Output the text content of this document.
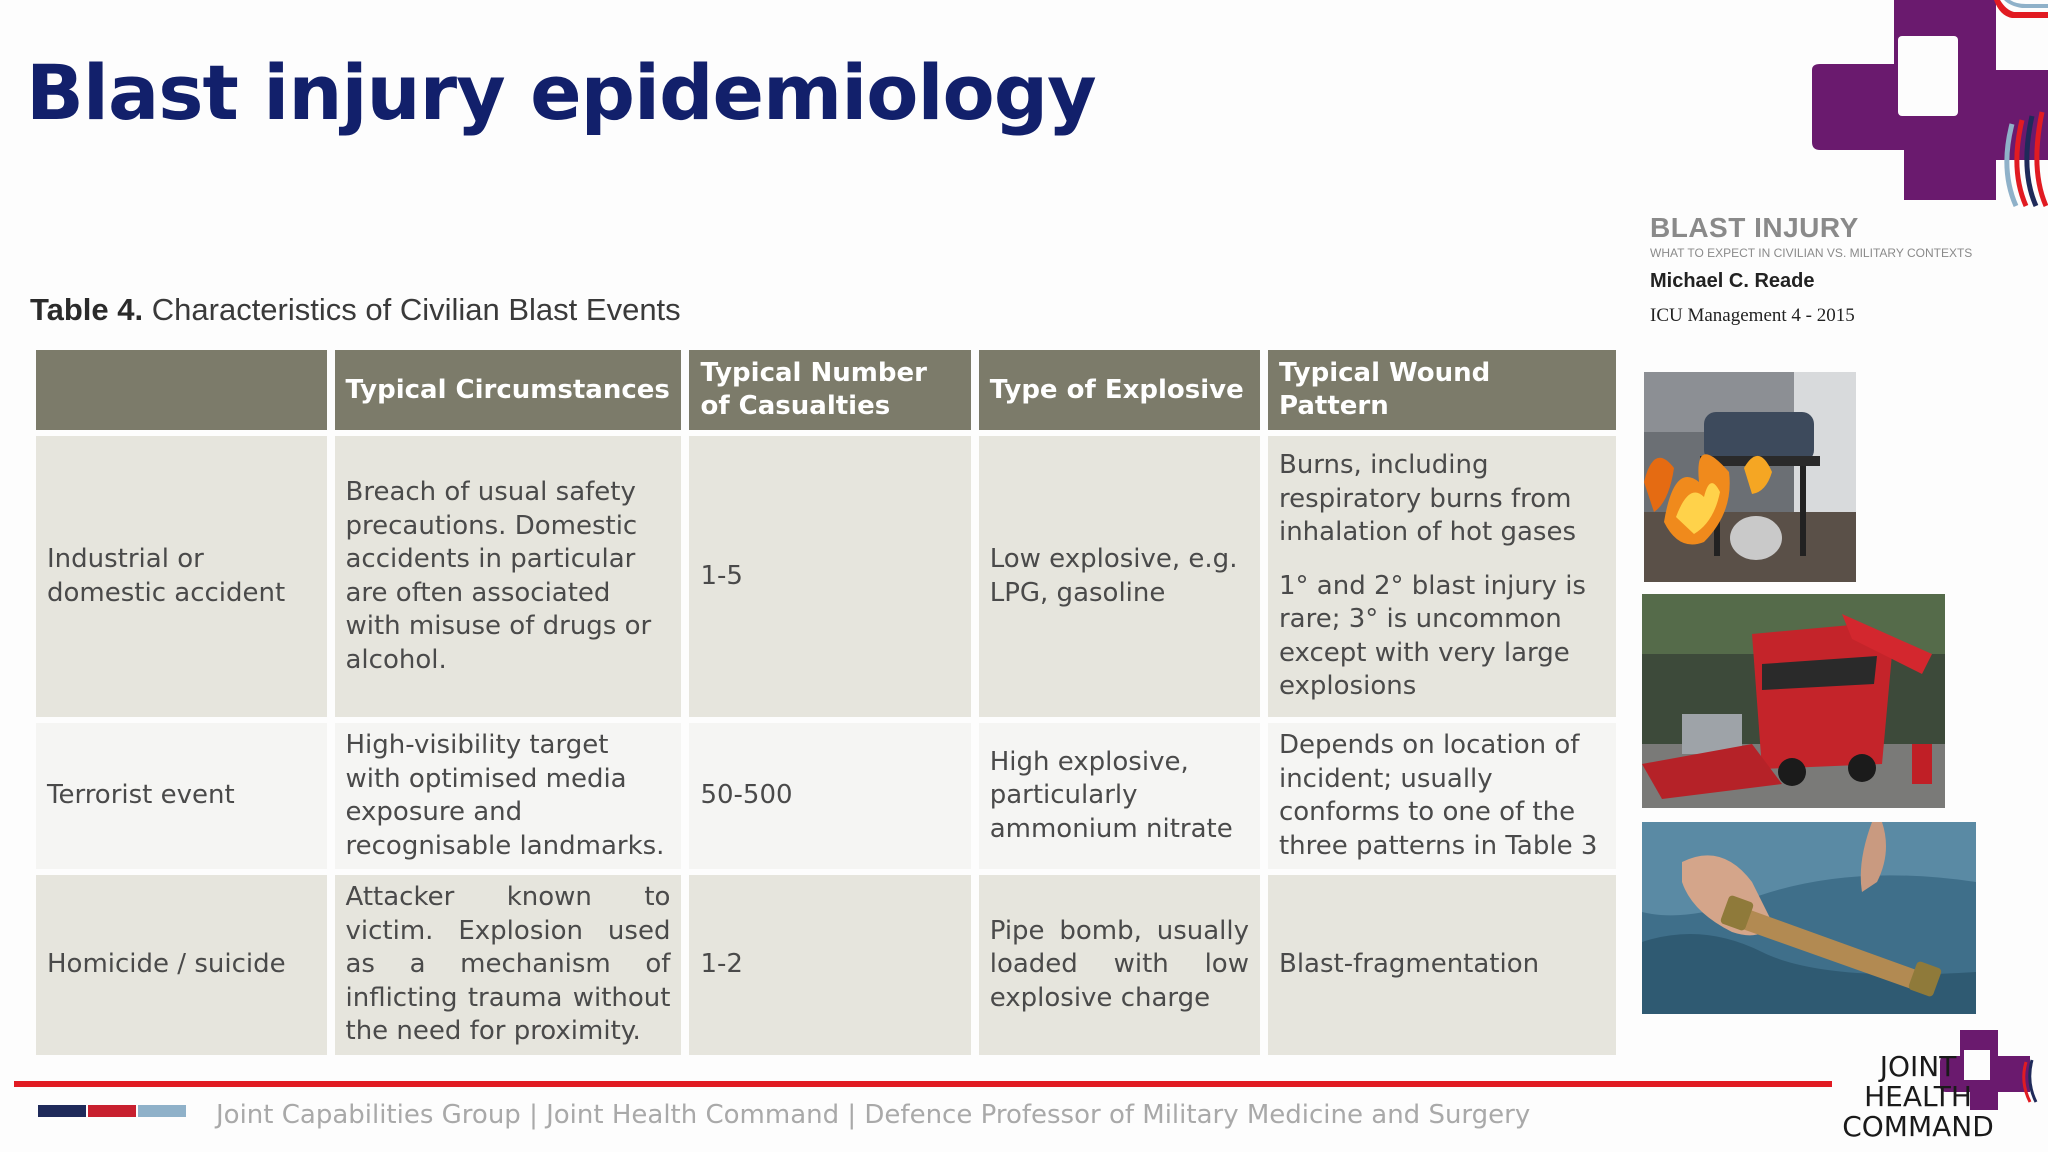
Blast injury epidemiology
BLAST INJURY
WHAT TO EXPECT IN CIVILIAN VS. MILITARY CONTEXTS
Michael C. Reade
ICU Management 4 - 2015
Table 4. Characteristics of Civilian Blast Events
	Typical Circumstances	Typical Number of Casualties	Type of Explosive	Typical Wound Pattern
Industrial or domestic accident	Breach of usual safety precautions. Domestic accidents in particular are often associated with misuse of drugs or alcohol.	1-5	Low explosive, e.g. LPG, gasoline	Burns, including respiratory burns from inhalation of hot gases
1° and 2° blast injury is rare; 3° is uncommon except with very large explosions

Terrorist event	High-visibility target with optimised media exposure and recognisable landmarks.	50-500	High explosive, particularly ammonium nitrate	Depends on location of incident; usually conforms to one of the three patterns in Table 3
Homicide / suicide	Attacker known to victim. Explosion used as a mechanism of inflicting trauma without the need for proximity.	1-2	Pipe bomb, usually loaded with low explosive charge	Blast-fragmentation
Joint Capabilities Group | Joint Health Command | Defence Professor of Military Medicine and Surgery
JOINT
HEALTH
COMMAND
